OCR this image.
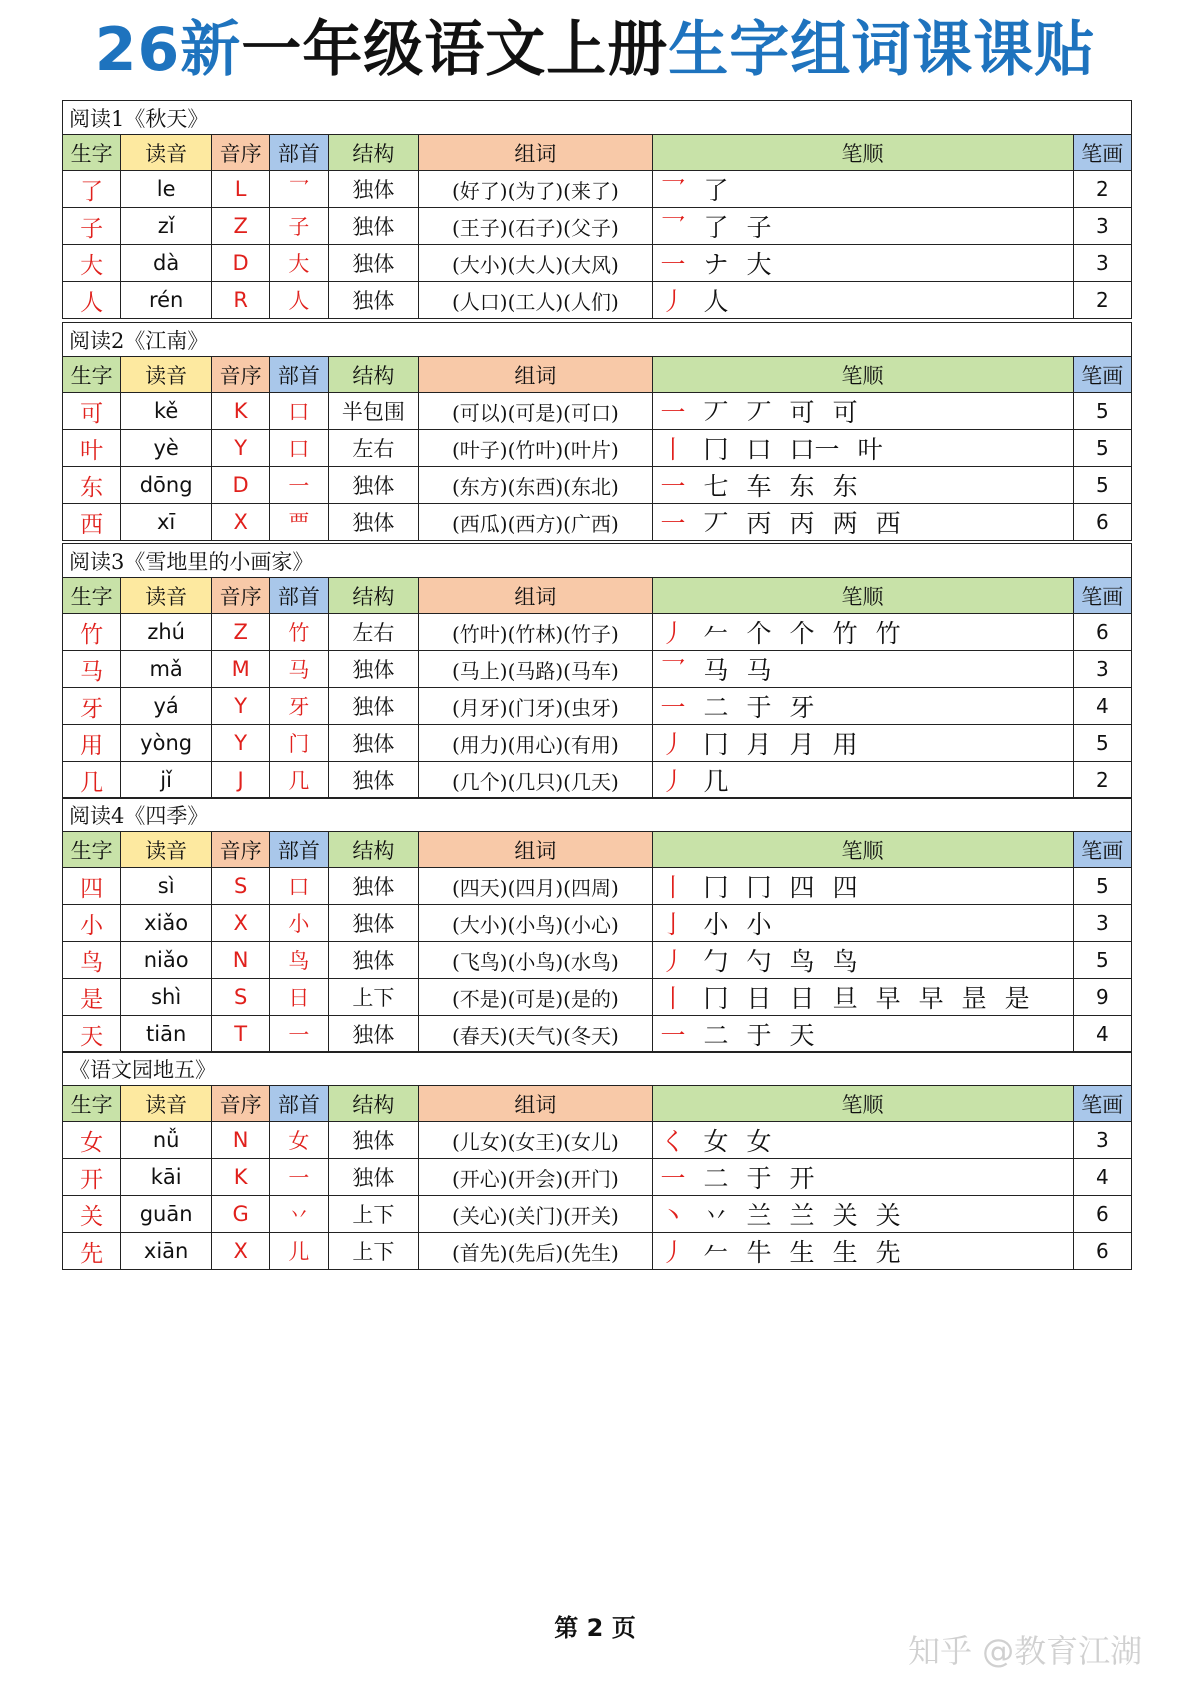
26新一年级语文上册生字组词课课贴
阅读1《秋天》							
生字	读音	音序	部首	结构	组词	笔顺	笔画
了	le	L	乛	独体	(好了)(为了)(来了)	乛 了	2
子	zǐ	Z	子	独体	(王子)(石子)(父子)	乛 了 子	3
大	dà	D	大	独体	(大小)(大人)(大风)	一 ナ 大	3
人	rén	R	人	独体	(人口)(工人)(人们)	丿 人	2
阅读2《江南》							
生字	读音	音序	部首	结构	组词	笔顺	笔画
可	kě	K	口	半包围	(可以)(可是)(可口)	一 丆 丆 可 可	5
叶	yè	Y	口	左右	(叶子)(竹叶)(叶片)	丨 冂 口 口一 叶	5
东	dōng	D	一	独体	(东方)(东西)(东北)	一 七 车 东 东	5
西	xī	X	覀	独体	(西瓜)(西方)(广西)	一 丆 丙 丙 两 西	6
阅读3《雪地里的小画家》							
生字	读音	音序	部首	结构	组词	笔顺	笔画
竹	zhú	Z	竹	左右	(竹叶)(竹林)(竹子)	丿 𠂉 个 个 竹 竹	6
马	mǎ	M	马	独体	(马上)(马路)(马车)	乛 马 马	3
牙	yá	Y	牙	独体	(月牙)(门牙)(虫牙)	一 二 于 牙	4
用	yòng	Y	门	独体	(用力)(用心)(有用)	丿 冂 月 月 用	5
几	jǐ	J	几	独体	(几个)(几只)(几天)	丿 几	2
阅读4《四季》							
生字	读音	音序	部首	结构	组词	笔顺	笔画
四	sì	S	口	独体	(四天)(四月)(四周)	丨 冂 冂 四 四	5
小	xiǎo	X	小	独体	(大小)(小鸟)(小心)	亅 小 小	3
鸟	niǎo	N	鸟	独体	(飞鸟)(小鸟)(水鸟)	丿 勹 勺 鸟 鸟	5
是	shì	S	日	上下	(不是)(可是)(是的)	丨 冂 日 日 旦 早 早 昰 是	9
天	tiān	T	一	独体	(春天)(天气)(冬天)	一 二 于 天	4
《语文园地五》							
生字	读音	音序	部首	结构	组词	笔顺	笔画
女	nǚ	N	女	独体	(儿女)(女王)(女儿)	く 女 女	3
开	kāi	K	一	独体	(开心)(开会)(开门)	一 二 于 开	4
关	guān	G	丷	上下	(关心)(关门)(开关)	丶 丷 兰 兰 关 关	6
先	xiān	X	儿	上下	(首先)(先后)(先生)	丿 𠂉 牛 生 生 先	6
第 2 页
知乎 @教育江湖
